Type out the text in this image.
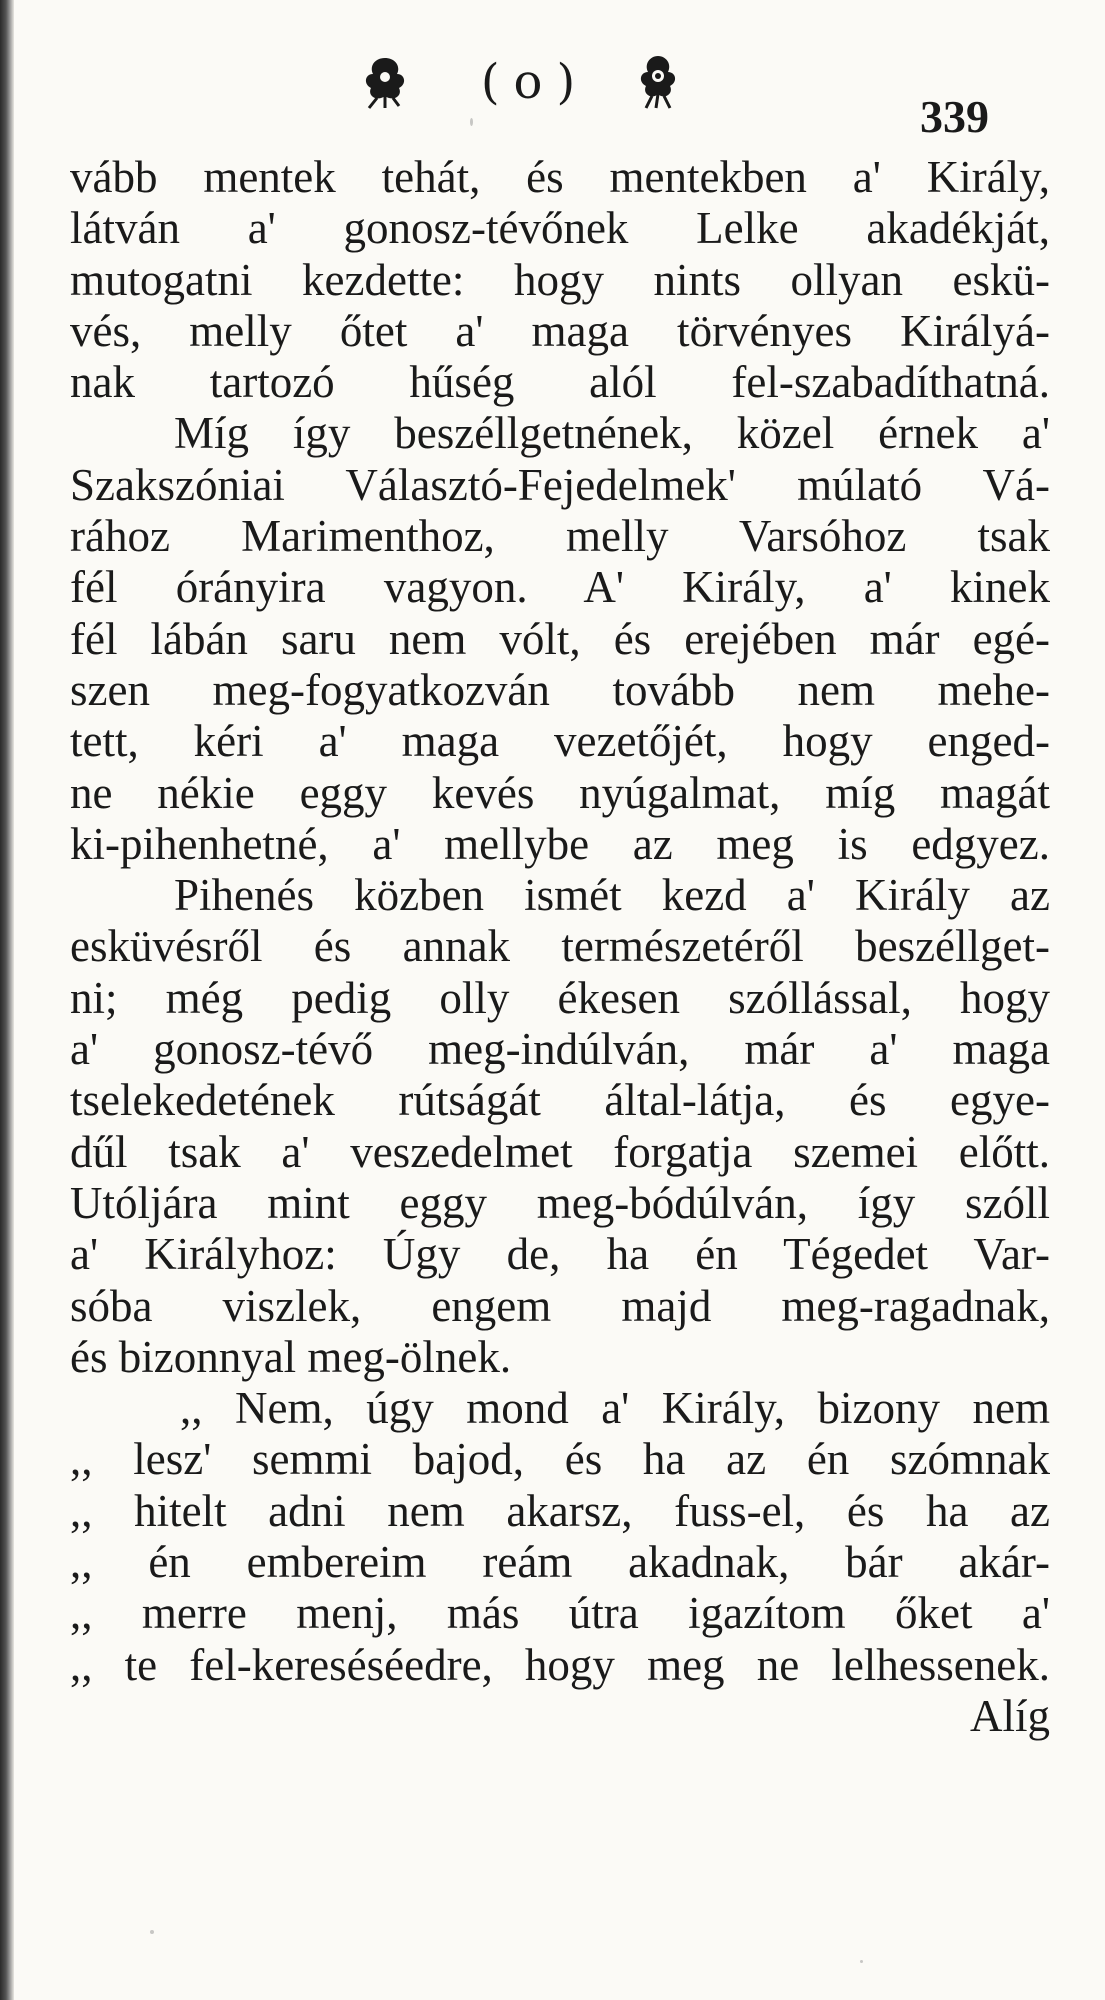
(o)
339
vább mentek tehát, és mentekben a' Király,
látván a' gonosz-tévőnek Lelke akadékját,
mutogatni kezdette: hogy nints ollyan eskü-
vés, melly őtet a' maga törvényes Királyá-
nak tartozó hűség alól fel-szabadíthatná.
Míg így beszéllgetnének, közel érnek a'
Szakszóniai Választó-Fejedelmek' múlató Vá-
rához Marimenthoz, melly Varsóhoz tsak
fél órányira vagyon. A' Király, a' kinek
fél lábán saru nem vólt, és erejében már egé-
szen meg-fogyatkozván tovább nem mehe-
tett, kéri a' maga vezetőjét, hogy enged-
ne nékie eggy kevés nyúgalmat, míg magát
ki-pihenhetné, a' mellybe az meg is edgyez.
Pihenés közben ismét kezd a' Király az
esküvésről és annak természetéről beszéllget-
ni; még pedig olly ékesen szóllással, hogy
a' gonosz-tévő meg-indúlván, már a' maga
tselekedetének rútságát által-látja, és egye-
dűl tsak a' veszedelmet forgatja szemei előtt.
Utóljára mint eggy meg-bódúlván, így szóll
a' Királyhoz: Úgy de, ha én Tégedet Var-
sóba viszlek, engem majd meg-ragadnak,
és bizonnyal meg-ölnek.
,, Nem, úgy mond a' Király, bizony nem
,, lesz' semmi bajod, és ha az én szómnak
,, hitelt adni nem akarsz, fuss-el, és ha az
,, én embereim reám akadnak, bár akár-
,, merre menj, más útra igazítom őket a'
,, te fel-kereséséedre, hogy meg ne lelhessenek.
Alíg
